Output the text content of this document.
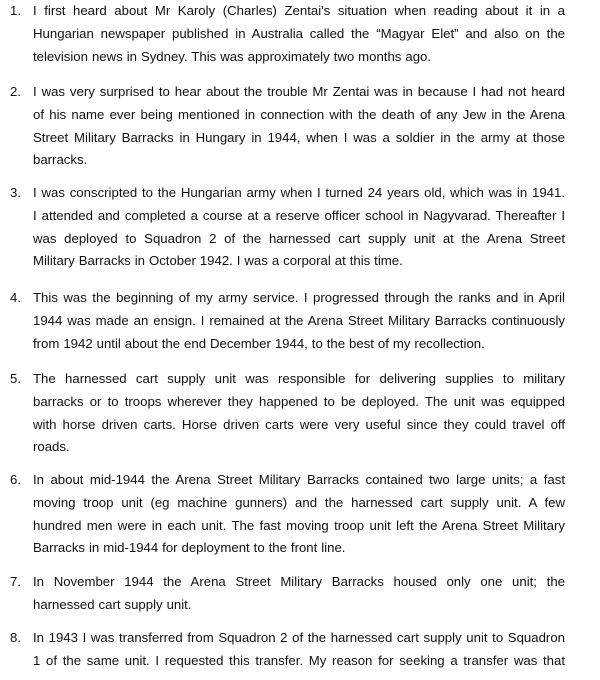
1. I first heard about Mr Karoly (Charles) Zentai's situation when reading about it in a
Hungarian newspaper published in Australia called the “Magyar Elet” and also on the
television news in Sydney. This was approximately two months ago.
2. I was very surprised to hear about the trouble Mr Zentai was in because I had not heard
of his name ever being mentioned in connection with the death of any Jew in the Arena
Street Military Barracks in Hungary in 1944, when I was a soldier in the army at those
barracks.
3. I was conscripted to the Hungarian army when I turned 24 years old, which was in 1941.
I attended and completed a course at a reserve officer school in Nagyvarad. Thereafter I
was deployed to Squadron 2 of the harnessed cart supply unit at the Arena Street
Military Barracks in October 1942. I was a corporal at this time.
4. This was the beginning of my army service. I progressed through the ranks and in April
1944 was made an ensign. I remained at the Arena Street Military Barracks continuously
from 1942 until about the end December 1944, to the best of my recollection.
5. The harnessed cart supply unit was responsible for delivering supplies to military
barracks or to troops wherever they happened to be deployed. The unit was equipped
with horse driven carts. Horse driven carts were very useful since they could travel off
roads.
6. In about mid-1944 the Arena Street Military Barracks contained two large units; a fast
moving troop unit (eg machine gunners) and the harnessed cart supply unit. A few
hundred men were in each unit. The fast moving troop unit left the Arena Street Military
Barracks in mid-1944 for deployment to the front line.
7. In November 1944 the Arena Street Military Barracks housed only one unit; the
harnessed cart supply unit.
8. In 1943 I was transferred from Squadron 2 of the harnessed cart supply unit to Squadron
1 of the same unit. I requested this transfer. My reason for seeking a transfer was that
